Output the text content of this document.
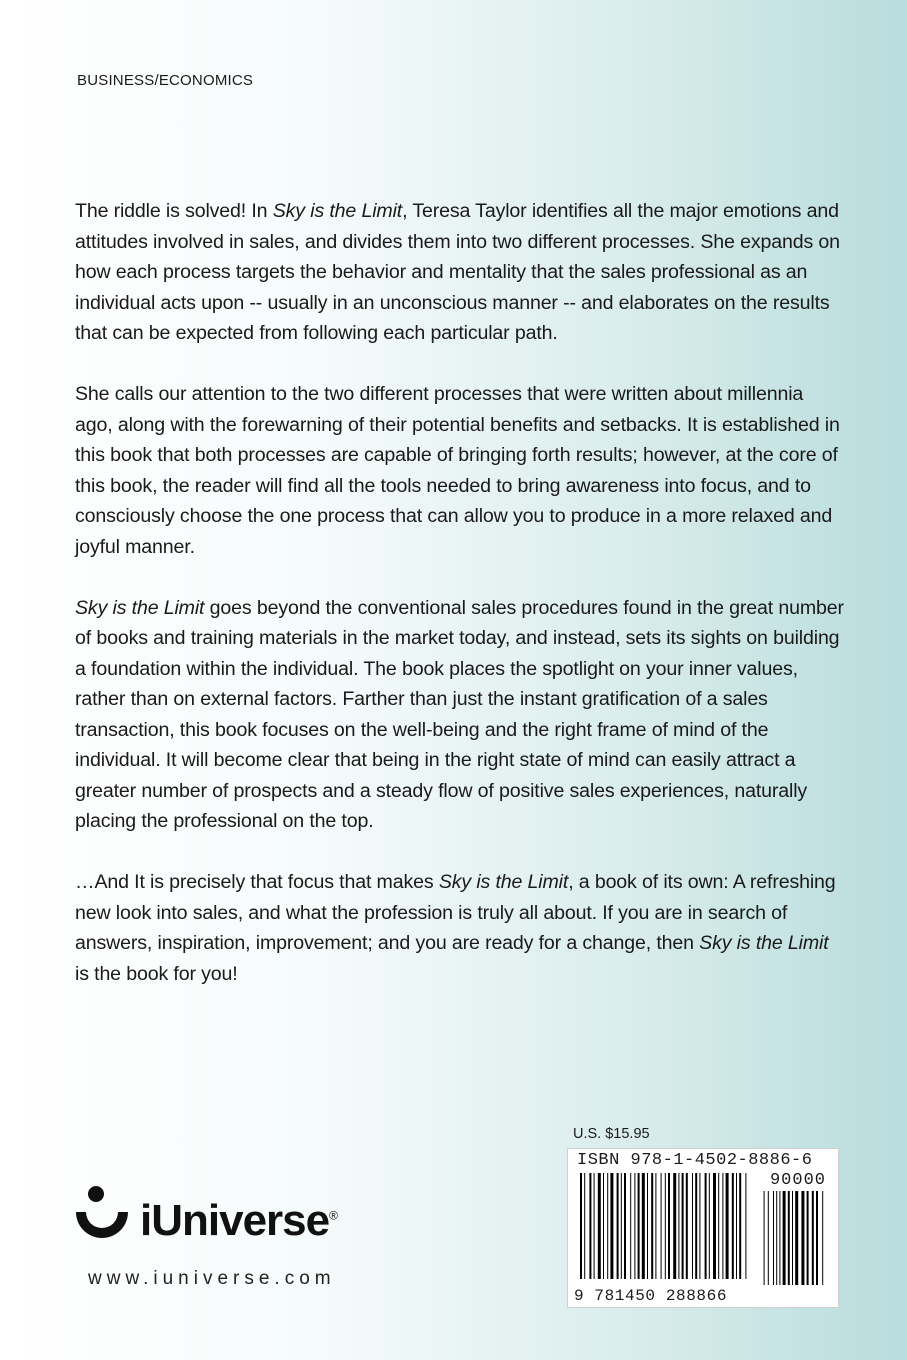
BUSINESS/ECONOMICS

The riddle is solved! In Sky is the Limit, Teresa Taylor identifies all the major emotions and attitudes involved in sales, and divides them into two different processes. She expands on how each process targets the behavior and mentality that the sales professional as an individual acts upon -- usually in an unconscious manner -- and elaborates on the results that can be expected from following each particular path.

She calls our attention to the two different processes that were written about millennia ago, along with the forewarning of their potential benefits and setbacks. It is established in this book that both processes are capable of bringing forth results; however, at the core of this book, the reader will find all the tools needed to bring awareness into focus, and to consciously choose the one process that can allow you to produce in a more relaxed and joyful manner.

Sky is the Limit goes beyond the conventional sales procedures found in the great number of books and training materials in the market today, and instead, sets its sights on building a foundation within the individual. The book places the spotlight on your inner values, rather than on external factors. Farther than just the instant gratification of a sales transaction, this book focuses on the well-being and the right frame of mind of the individual. It will become clear that being in the right state of mind can easily attract a greater number of prospects and a steady flow of positive sales experiences, naturally placing the professional on the top.

…And It is precisely that focus that makes Sky is the Limit, a book of its own: A refreshing new look into sales, and what the profession is truly all about. If you are in search of answers, inspiration, improvement; and you are ready for a change, then Sky is the Limit is the book for you!

U.S. $15.95
ISBN 978-1-4502-8886-6
90000
9 781450 288866
iUniverse®
www.iuniverse.com
